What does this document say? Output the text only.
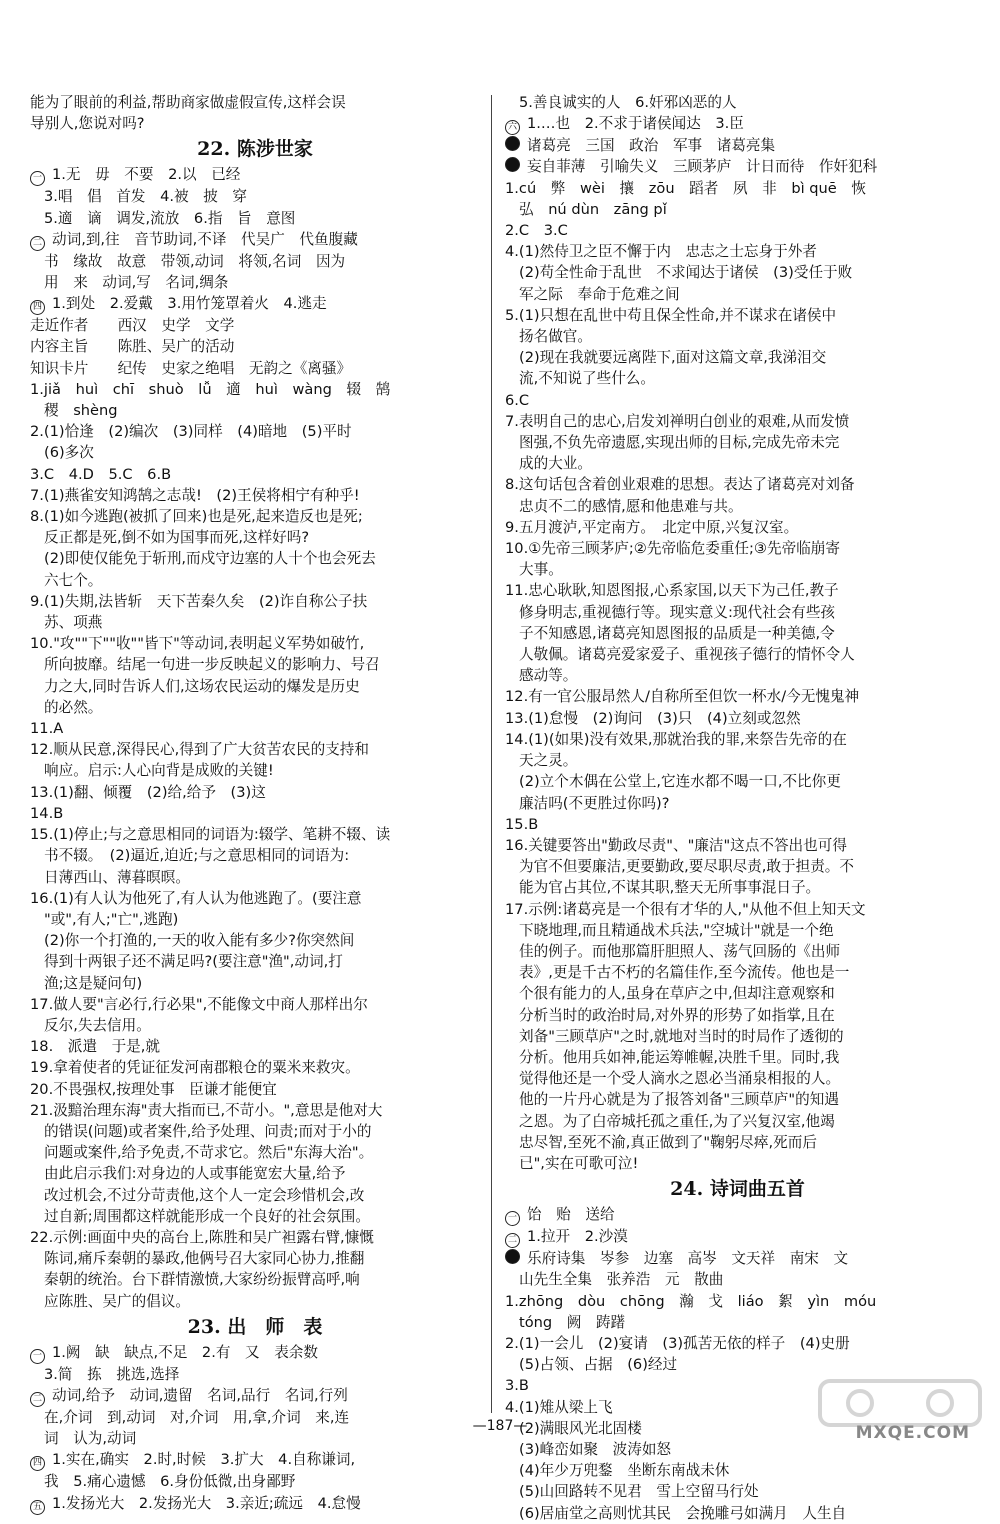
能为了眼前的利益,帮助商家做虚假宣传,这样会误
导别人,您说对吗?
22. 陈涉世家
一 1.无　毋　不要　2.以　已经
3.唱　倡　首发　4.被　披　穿
5.適　谪　调发,流放　6.指　旨　意图
二 动词,到,往　音节助词,不译　代吴广　代鱼腹藏
书　缘故　故意　带领,动词　将领,名词　因为
用　来　动词,写　名词,绸条
四 1.到处　2.爱戴　3.用竹笼罩着火　4.逃走
走近作者　　西汉　史学　文学
内容主旨　　陈胜、吴广的活动
知识卡片　　纪传　史家之绝唱　无韵之《离骚》
1.jiǎ　huì　chī　shuò　lǚ　適　huì　wàng　辍　鹄
稷　shèng
2.(1)恰逢　(2)编次　(3)同样　(4)暗地　(5)平时
(6)多次
3.C　4.D　5.C　6.B
7.(1)燕雀安知鸿鹄之志哉!　(2)王侯将相宁有种乎!
8.(1)如今逃跑(被抓了回来)也是死,起来造反也是死;
反正都是死,倒不如为国事而死,这样好吗?
(2)即使仅能免于斩刑,而戍守边塞的人十个也会死去
六七个。
9.(1)失期,法皆斩　天下苦秦久矣　(2)诈自称公子扶
苏、项燕
10."攻""下""收""皆下"等动词,表明起义军势如破竹,
所向披靡。结尾一句进一步反映起义的影响力、号召
力之大,同时告诉人们,这场农民运动的爆发是历史
的必然。
11.A
12.顺从民意,深得民心,得到了广大贫苦农民的支持和
响应。启示:人心向背是成败的关键!
13.(1)翻、倾覆　(2)给,给予　(3)这
14.B
15.(1)停止;与之意思相同的词语为:辍学、笔耕不辍、读
书不辍。　(2)逼近,迫近;与之意思相同的词语为:
日薄西山、薄暮暝暝。
16.(1)有人认为他死了,有人认为他逃跑了。(要注意
"或",有人;"亡",逃跑)
(2)你一个打渔的,一天的收入能有多少?你突然间
得到十两银子还不满足吗?(要注意"渔",动词,打
渔;这是疑问句)
17.做人要"言必行,行必果",不能像文中商人那样出尔
反尔,失去信用。
18.　派遣　于是,就
19.拿着使者的凭证征发河南郡粮仓的粟米来救灾。
20.不畏强权,按理处事　臣谦才能便宜
21.汲黯治理东海"责大指而已,不苛小。",意思是他对大
的错误(问题)或者案件,给予处理、问责;而对于小的
问题或案件,给予免责,不苛求它。然后"东海大治"。
由此启示我们:对身边的人或事能宽宏大量,给予
改过机会,不过分苛责他,这个人一定会珍惜机会,改
过自新;周围都这样就能形成一个良好的社会氛围。
22.示例:画面中央的高台上,陈胜和吴广袒露右臂,慷慨
陈词,痛斥秦朝的暴政,他俩号召大家同心协力,推翻
秦朝的统治。台下群情激愤,大家纷纷振臂高呼,响
应陈胜、吴广的倡议。
23. 出　师　表
一 1.阙　缺　缺点,不足　2.有　又　表余数
3.简　拣　挑选,选择
二 动词,给予　动词,遗留　名词,品行　名词,行列
在,介词　到,动词　对,介词　用,拿,介词　来,连
词　认为,动词
四 1.实在,确实　2.时,时候　3.扩大　4.自称谦词,
我　5.痛心遗憾　6.身份低微,出身鄙野
五 1.发扬光大　2.发扬光大　3.亲近;疏远　4.怠慢
5.善良诚实的人　6.奸邪凶恶的人
六 1.…也　2.不求于诸侯闻达　3.臣
诸葛亮　三国　政治　军事　诸葛亮集
妄自菲薄　引喻失义　三顾茅庐　计日而待　作奸犯科
1.cú　弊　wèi　攘　zōu　蹈者　夙　非　bì quē　恢
弘　nú dùn　zāng pǐ
2.C　3.C
4.(1)然侍卫之臣不懈于内　忠志之士忘身于外者
(2)苟全性命于乱世　不求闻达于诸侯　(3)受任于败
军之际　奉命于危难之间
5.(1)只想在乱世中苟且保全性命,并不谋求在诸侯中
扬名做官。
(2)现在我就要远离陛下,面对这篇文章,我涕泪交
流,不知说了些什么。
6.C
7.表明自己的忠心,启发刘禅明白创业的艰难,从而发愤
图强,不负先帝遗愿,实现出师的目标,完成先帝未完
成的大业。
8.这句话包含着创业艰难的思想。表达了诸葛亮对刘备
忠贞不二的感情,愿和他患难与共。
9.五月渡泸,平定南方。　北定中原,兴复汉室。
10.①先帝三顾茅庐;②先帝临危委重任;③先帝临崩寄
大事。
11.忠心耿耿,知恩图报,心系家国,以天下为己任,教子
修身明志,重视德行等。现实意义:现代社会有些孩
子不知感恩,诸葛亮知恩图报的品质是一种美德,令
人敬佩。诸葛亮爱家爱子、重视孩子德行的情怀令人
感动等。
12.有一官公服昂然人/自称所至但饮一杯水/今无愧鬼神
13.(1)怠慢　(2)询问　(3)只　(4)立刻或忽然
14.(1)(如果)没有效果,那就治我的罪,来祭告先帝的在
天之灵。
(2)立个木偶在公堂上,它连水都不喝一口,不比你更
廉洁吗(不更胜过你吗)?
15.B
16.关键要答出"勤政尽责"、"廉洁"这点不答出也可得
为官不但要廉洁,更要勤政,要尽职尽责,敢于担责。不
能为官占其位,不谋其职,整天无所事事混日子。
17.示例:诸葛亮是一个很有才华的人,"从他不但上知天文
下晓地理,而且精通战术兵法,"空城计"就是一个绝
佳的例子。而他那篇肝胆照人、荡气回肠的《出师
表》,更是千古不朽的名篇佳作,至今流传。他也是一
个很有能力的人,虽身在草庐之中,但却注意观察和
分析当时的政治时局,对外界的形势了如指掌,且在
刘备"三顾草庐"之时,就地对当时的时局作了透彻的
分析。他用兵如神,能运筹帷幄,决胜千里。同时,我
觉得他还是一个受人滴水之恩必当涌泉相报的人。
他的一片丹心就是为了报答刘备"三顾草庐"的知遇
之恩。为了白帝城托孤之重任,为了兴复汉室,他竭
忠尽智,至死不渝,真正做到了"鞠躬尽瘁,死而后
已",实在可歌可泣!
24. 诗词曲五首
一 饴　贻　送给
二 1.拉开　2.沙漠
乐府诗集　岑参　边塞　高岑　文天祥　南宋　文
山先生全集　张养浩　元　散曲
1.zhōng　dòu　chōng　瀚　戈　liáo　絮　yìn　móu
tóng　阙　踌躇
2.(1)一会儿　(2)宴请　(3)孤苦无依的样子　(4)史册
(5)占领、占据　(6)经过
3.B
4.(1)雉从梁上飞
(2)满眼风光北固楼
(3)峰峦如聚　波涛如怒
(4)年少万兜鍪　坐断东南战未休
(5)山回路转不见君　雪上空留马行处
(6)居庙堂之高则忧其民　会挽雕弓如满月　人生自
—187—	MXQE.COM
